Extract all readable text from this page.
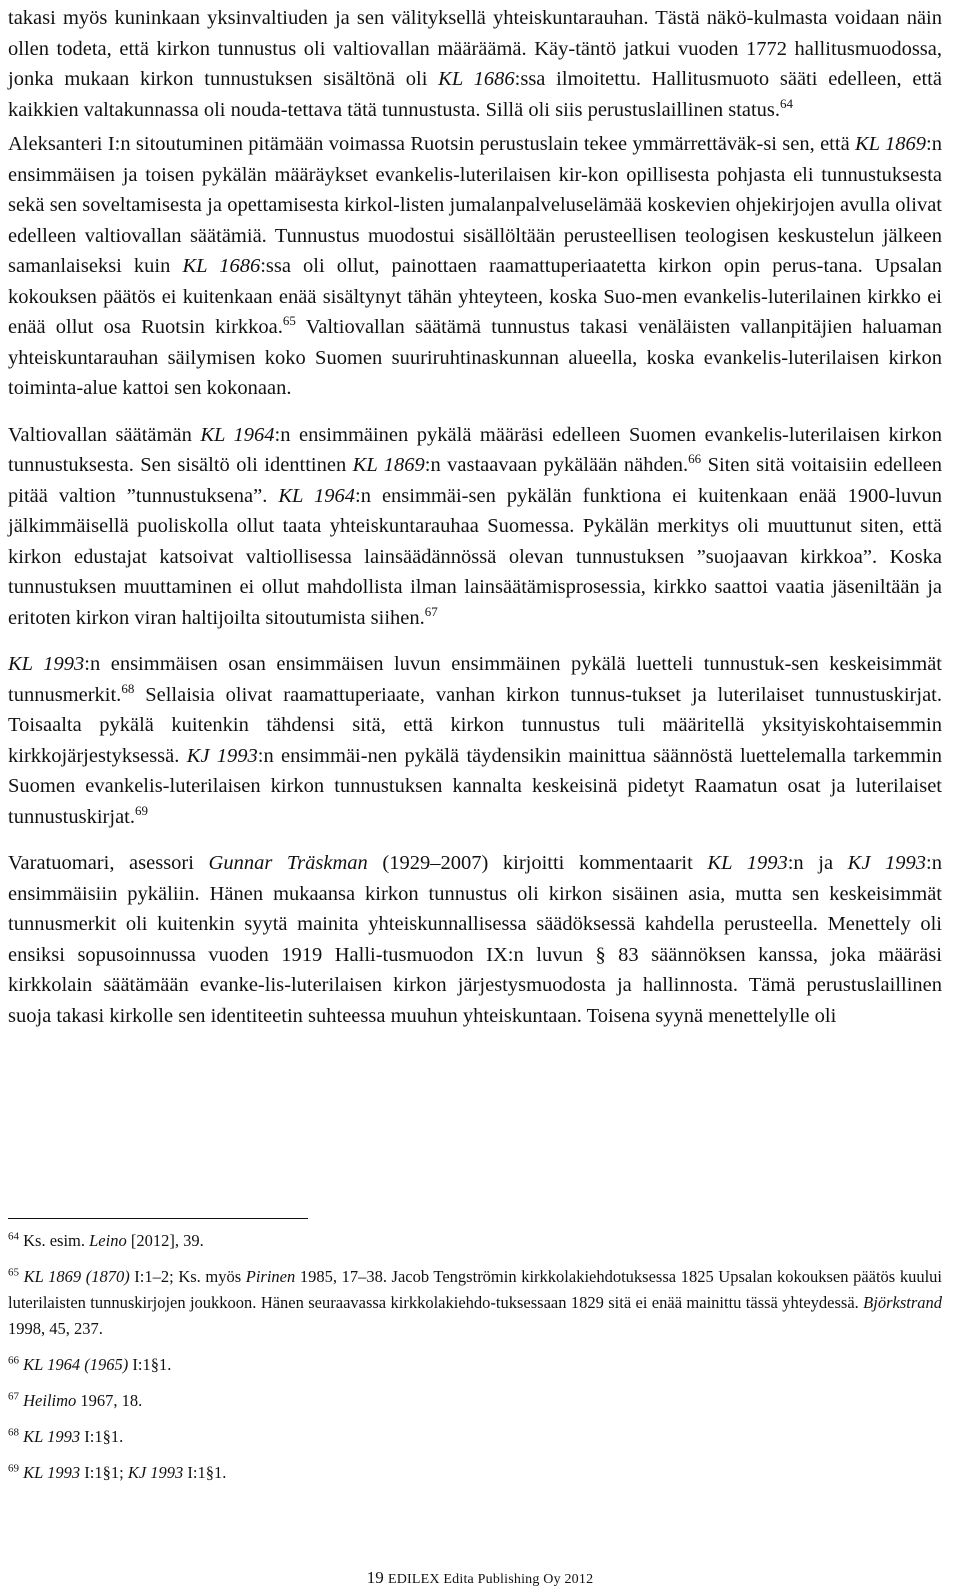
takasi myös kuninkaan yksinvaltiuden ja sen välityksellä yhteiskuntarauhan. Tästä näkö-kulmasta voidaan näin ollen todeta, että kirkon tunnustus oli valtiovallan määräämä. Käy-täntö jatkui vuoden 1772 hallitusmuodossa, jonka mukaan kirkon tunnustuksen sisältönä oli KL 1686:ssa ilmoitettu. Hallitusmuoto sääti edelleen, että kaikkien valtakunnassa oli nouda-tettava tätä tunnustusta. Sillä oli siis perustuslaillinen status.$^{64}$

Aleksanteri I:n sitoutuminen pitämään voimassa Ruotsin perustuslain tekee ymmärrettäväk-si sen, että KL 1869:n ensimmäisen ja toisen pykälän määräykset evankelis-luterilaisen kir-kon opillisesta pohjasta eli tunnustuksesta sekä sen soveltamisesta ja opettamisesta kirkol-listen jumalanpalveluselämää koskevien ohjekirjojen avulla olivat edelleen valtiovallan säätämiä. Tunnustus muodostui sisällöltään perusteellisen teologisen keskustelun jälkeen samanlaiseksi kuin KL 1686:ssa oli ollut, painottaen raamattuperiaatetta kirkon opin perus-tana. Upsalan kokouksen päätös ei kuitenkaan enää sisältynyt tähän yhteyteen, koska Suo-men evankelis-luterilainen kirkko ei enää ollut osa Ruotsin kirkkoa.$^{65}$ Valtiovallan säätämä tunnustus takasi venäläisten vallanpitäjien haluaman yhteiskuntarauhan säilymisen koko Suomen suuriruhtinaskunnan alueella, koska evankelis-luterilaisen kirkon toiminta-alue kattoi sen kokonaan.

Valtiovallan säätämän KL 1964:n ensimmäinen pykälä määräsi edelleen Suomen evankelis-luterilaisen kirkon tunnustuksesta. Sen sisältö oli identtinen KL 1869:n vastaavaan pykälään nähden.$^{66}$ Siten sitä voitaisiin edelleen pitää valtion ”tunnustuksena”. KL 1964:n ensimmäi-sen pykälän funktiona ei kuitenkaan enää 1900-luvun jälkimmäisellä puoliskolla ollut taata yhteiskuntarauhaa Suomessa. Pykälän merkitys oli muuttunut siten, että kirkon edustajat katsoivat valtiollisessa lainsäädännössä olevan tunnustuksen ”suojaavan kirkkoa”. Koska tunnustuksen muuttaminen ei ollut mahdollista ilman lainsäätämisprosessia, kirkko saattoi vaatia jäseniltään ja eritoten kirkon viran haltijoilta sitoutumista siihen.$^{67}$

KL 1993:n ensimmäisen osan ensimmäisen luvun ensimmäinen pykälä luetteli tunnustuk-sen keskeisimmät tunnusmerkit.$^{68}$ Sellaisia olivat raamattuperiaate, vanhan kirkon tunnus-tukset ja luterilaiset tunnustuskirjat. Toisaalta pykälä kuitenkin tähdensi sitä, että kirkon tunnustus tuli määritellä yksityiskohtaisemmin kirkkojärjestyksessä. KJ 1993:n ensimmäi-nen pykälä täydensikin mainittua säännöstä luettelemalla tarkemmin Suomen evankelis-luterilaisen kirkon tunnustuksen kannalta keskeisinä pidetyt Raamatun osat ja luterilaiset tunnustuskirjat.$^{69}$

Varatuomari, asessori Gunnar Träskman (1929–2007) kirjoitti kommentaarit KL 1993:n ja KJ 1993:n ensimmäisiin pykäliin. Hänen mukaansa kirkon tunnustus oli kirkon sisäinen asia, mutta sen keskeisimmät tunnusmerkit oli kuitenkin syytä mainita yhteiskunnallisessa säädöksessä kahdella perusteella. Menettely oli ensiksi sopusoinnussa vuoden 1919 Halli-tusmuodon IX:n luvun § 83 säännöksen kanssa, joka määräsi kirkkolain säätämään evanke-lis-luterilaisen kirkon järjestysmuodosta ja hallinnosta. Tämä perustuslaillinen suoja takasi kirkolle sen identiteetin suhteessa muuhun yhteiskuntaan. Toisena syynä menettelylle oli

$^{64}$ Ks. esim. Leino [2012], 39.

$^{65}$ KL 1869 (1870) I:1–2; Ks. myös Pirinen 1985, 17–38. Jacob Tengströmin kirkkolakiehdotuksessa 1825 Upsalan kokouksen päätös kuului luterilaisten tunnuskirjojen joukkoon. Hänen seuraavassa kirkkolakiehdo-tuksessaan 1829 sitä ei enää mainittu tässä yhteydessä. Björkstrand 1998, 45, 237.

$^{66}$ KL 1964 (1965) I:1§1.

$^{67}$ Heilimo 1967, 18.

$^{68}$ KL 1993 I:1§1.

$^{69}$ KL 1993 I:1§1; KJ 1993 I:1§1.

19 EDILEX Edita Publishing Oy 2012
